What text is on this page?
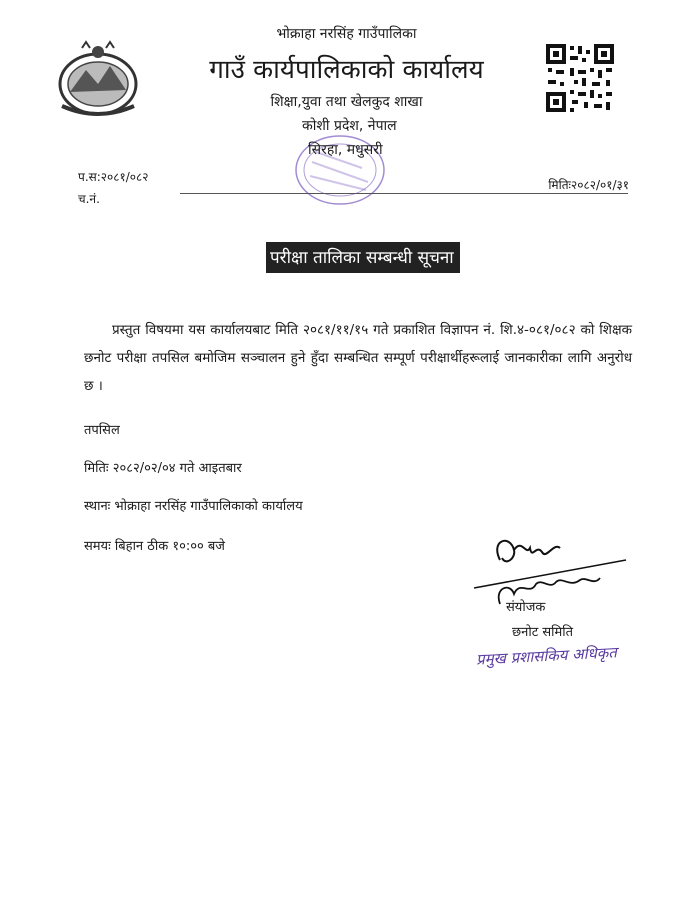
भोक्राहा नरसिंह गाउँपालिका
गाउँ कार्यपालिकाको कार्यालय
शिक्षा,युवा तथा खेलकुद शाखा
कोशी प्रदेश, नेपाल
सिरहा, मधुसरी
प.स:२०८१/०८२
च.नं.
मितिः२०८२/०१/३१
परीक्षा तालिका सम्बन्धी सूचना
प्रस्तुत विषयमा यस कार्यालयबाट मिति २०८१/११/१५ गते प्रकाशित विज्ञापन नं. शि.४-०८१/०८२ को शिक्षक छनोट परीक्षा तपसिल बमोजिम सञ्चालन हुने हुँदा सम्बन्धित सम्पूर्ण परीक्षार्थीहरूलाई जानकारीका लागि अनुरोध छ ।
तपसिल
मितिः २०८२/०२/०४ गते आइतबार
स्थानः भोक्राहा नरसिंह गाउँपालिकाको कार्यालय
समयः बिहान ठीक १०:०० बजे
संयोजक
छनोट समिति
प्रमुख प्रशासकिय अधिकृत
